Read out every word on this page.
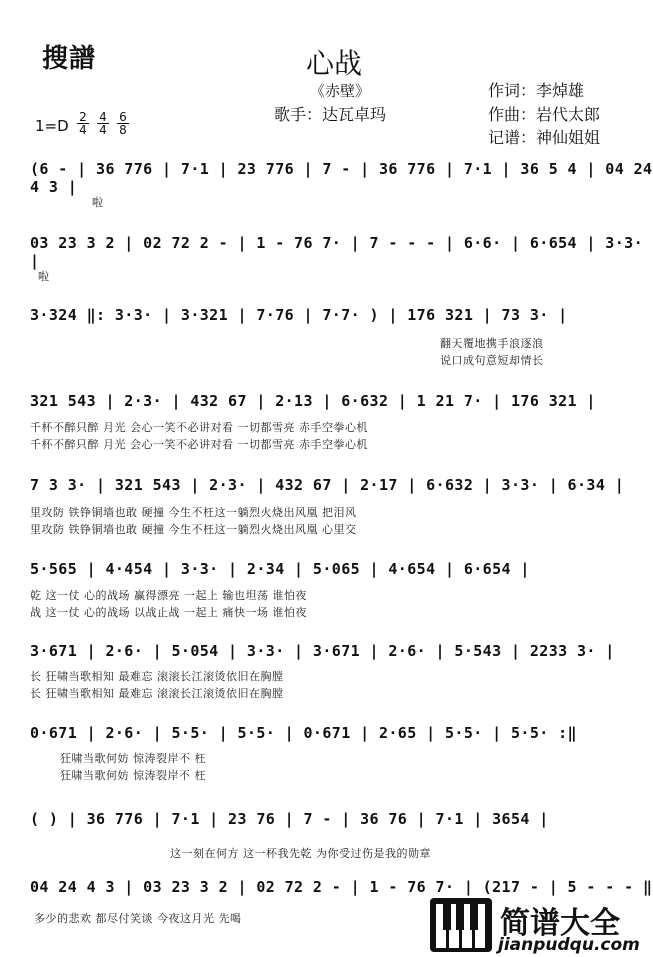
搜譜	心战
《赤壁》
歌手：达瓦卓玛
作词：李焯雄
作曲：岩代太郎
记谱：神仙姐姐
$1=D \frac{2}{4} \frac{4}{4} \frac{6}{8}$
(6 - | 36 776 | 7·1 | 23 776 | 7 - | 36 776 | 7·1 | 36 5 4 | 04 24 4 3 |
啦
03 23 3 2 | 02 72 2 - | 1 - 76 7· | 7 - - - | 6·6· | 6·654 | 3·3· |
啦
3·324 ‖: 3·3· | 3·321 | 7·76 | 7·7· ) | 176 321 | 73 3· |
翻天覆地携手浪逐浪
说口成句意短却情长
321 543 | 2·3· | 432 67 | 2·13 | 6·632 | 1 21 7· | 176 321 |
千杯不醉只醉 月光 会心一笑不必讲对看 一切都雪亮 赤手空拳心机
千杯不醉只醉 月光 会心一笑不必讲对看 一切都雪亮 赤手空拳心机
7 3 3· | 321 543 | 2·3· | 432 67 | 2·17 | 6·632 | 3·3· | 6·34 |
里攻防 铁铮铜墙也敢 硬撞 今生不枉这一躺烈火烧出风凰 把泪风
里攻防 铁铮铜墙也敢 硬撞 今生不枉这一躺烈火烧出风凰 心里交
5·565 | 4·454 | 3·3· | 2·34 | 5·065 | 4·654 | 6·654 |
乾 这一仗 心的战场 赢得漂亮 一起上 输也坦荡 谁怕夜
战 这一仗 心的战场 以战止战 一起上 痛快一场 谁怕夜
3·671 | 2·6· | 5·054 | 3·3· | 3·671 | 2·6· | 5·543 | 2233 3· |
长 狂啸当歌相知 最难忘 滚滚长江滚烫依旧在胸膛
长 狂啸当歌相知 最难忘 滚滚长江滚烫依旧在胸膛
0·671 | 2·6· | 5·5· | 5·5· | 0·671 | 2·65 | 5·5· | 5·5· :‖
狂啸当歌何妨 惊涛裂岸不 枉
狂啸当歌何妨 惊涛裂岸不 枉
( ) | 36 776 | 7·1 | 23 76 | 7 - | 36 76 | 7·1 | 3654 |
这一刻在何方 这一杯我先乾 为你受过伤是我的勋章
04 24 4 3 | 03 23 3 2 | 02 72 2 - | 1 - 76 7· | (217 - | 5 - - - ‖
多少的悲欢 都尽付笑谈 今夜这月光 先喝	简谱大全
jianpudqu.com
